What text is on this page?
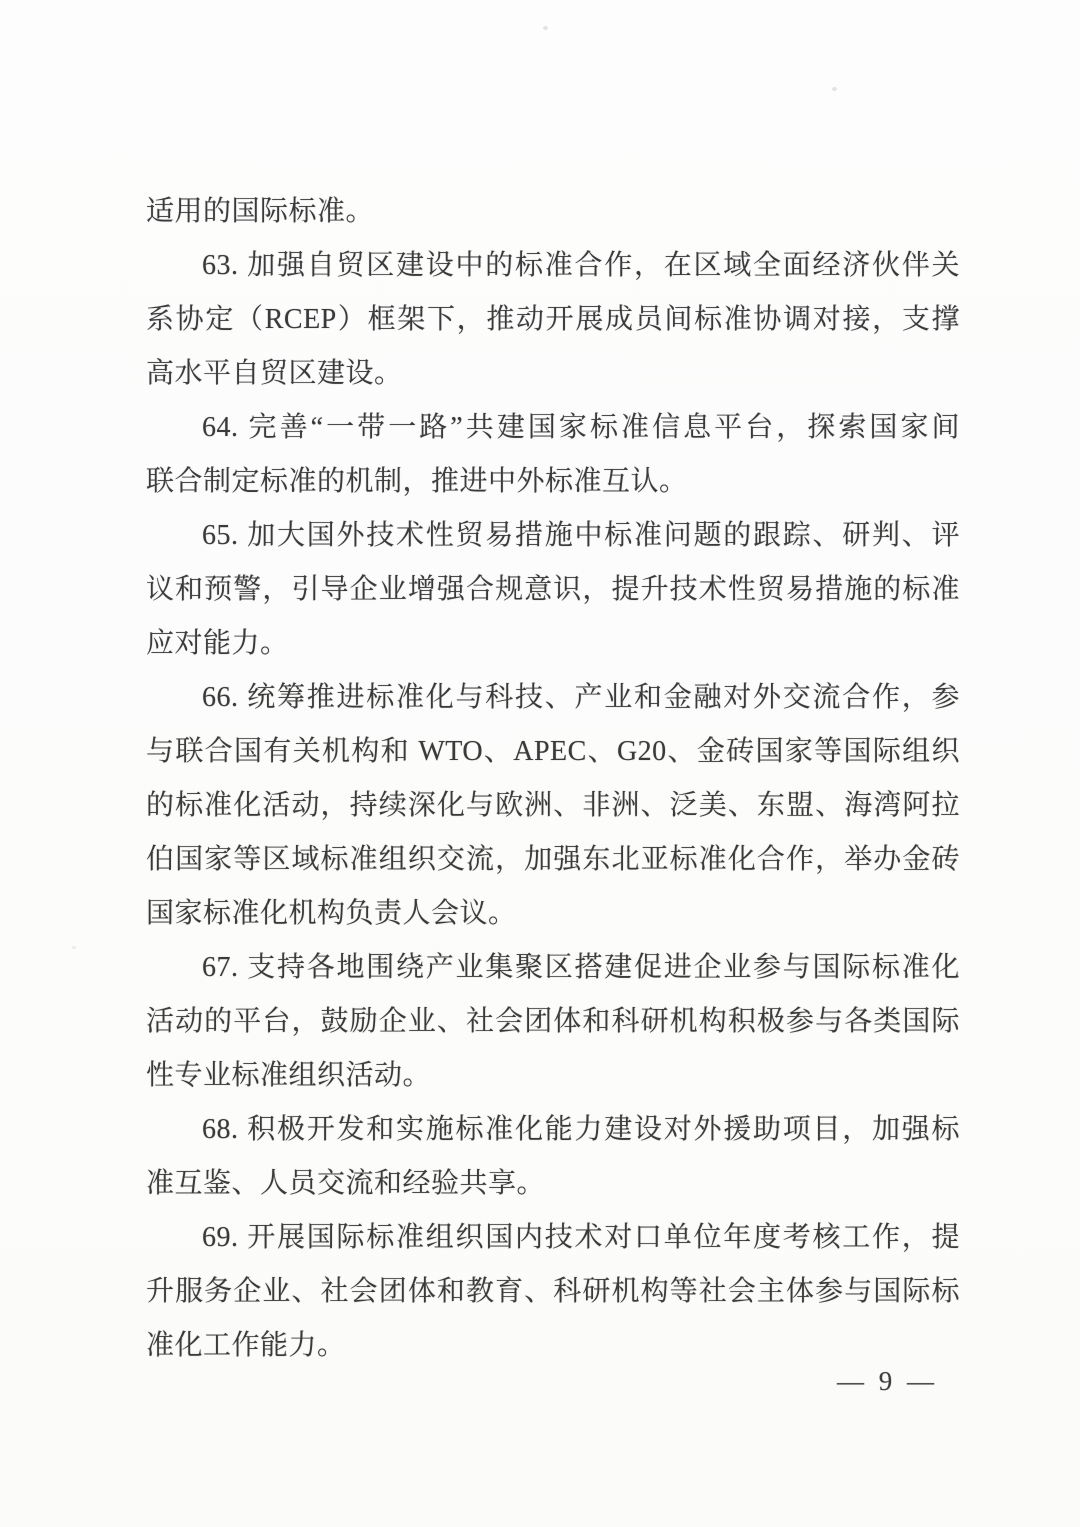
适用的国际标准。
63. 加强自贸区建设中的标准合作，在区域全面经济伙伴关
系协定（RCEP）框架下，推动开展成员间标准协调对接，支撑
高水平自贸区建设。
64. 完善“一带一路”共建国家标准信息平台，探索国家间
联合制定标准的机制，推进中外标准互认。
65. 加大国外技术性贸易措施中标准问题的跟踪、研判、评
议和预警，引导企业增强合规意识，提升技术性贸易措施的标准
应对能力。
66. 统筹推进标准化与科技、产业和金融对外交流合作，参
与联合国有关机构和 WTO、APEC、G20、金砖国家等国际组织
的标准化活动，持续深化与欧洲、非洲、泛美、东盟、海湾阿拉
伯国家等区域标准组织交流，加强东北亚标准化合作，举办金砖
国家标准化机构负责人会议。
67. 支持各地围绕产业集聚区搭建促进企业参与国际标准化
活动的平台，鼓励企业、社会团体和科研机构积极参与各类国际
性专业标准组织活动。
68. 积极开发和实施标准化能力建设对外援助项目，加强标
准互鉴、人员交流和经验共享。
69. 开展国际标准组织国内技术对口单位年度考核工作，提
升服务企业、社会团体和教育、科研机构等社会主体参与国际标
准化工作能力。
— 9 —
